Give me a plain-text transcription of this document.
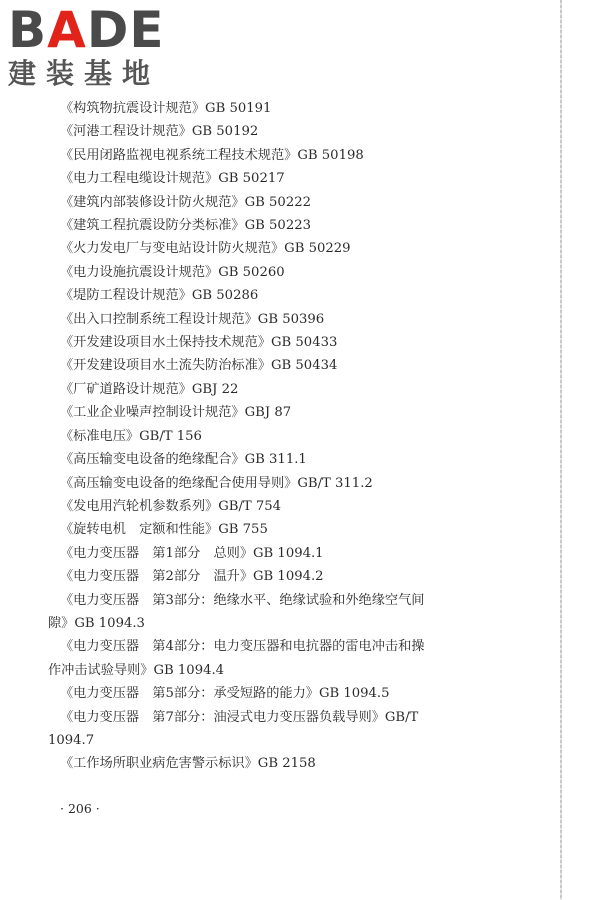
BADE
建装基地

《构筑物抗震设计规范》GB 50191

《河港工程设计规范》GB 50192

《民用闭路监视电视系统工程技术规范》GB 50198

《电力工程电缆设计规范》GB 50217

《建筑内部装修设计防火规范》GB 50222

《建筑工程抗震设防分类标准》GB 50223

《火力发电厂与变电站设计防火规范》GB 50229

《电力设施抗震设计规范》GB 50260

《堤防工程设计规范》GB 50286

《出入口控制系统工程设计规范》GB 50396

《开发建设项目水土保持技术规范》GB 50433

《开发建设项目水土流失防治标准》GB 50434

《厂矿道路设计规范》GBJ 22

《工业企业噪声控制设计规范》GBJ 87

《标准电压》GB/T 156

《高压输变电设备的绝缘配合》GB 311.1

《高压输变电设备的绝缘配合使用导则》GB/T 311.2

《发电用汽轮机参数系列》GB/T 754

《旋转电机　定额和性能》GB 755

《电力变压器　第1部分　总则》GB 1094.1

《电力变压器　第2部分　温升》GB 1094.2

《电力变压器　第3部分：绝缘水平、绝缘试验和外绝缘空气间
隙》GB 1094.3

《电力变压器　第4部分：电力变压器和电抗器的雷电冲击和操
作冲击试验导则》GB 1094.4

《电力变压器　第5部分：承受短路的能力》GB 1094.5

《电力变压器　第7部分：油浸式电力变压器负载导则》GB/T
1094.7

《工作场所职业病危害警示标识》GB 2158

· 206 ·
